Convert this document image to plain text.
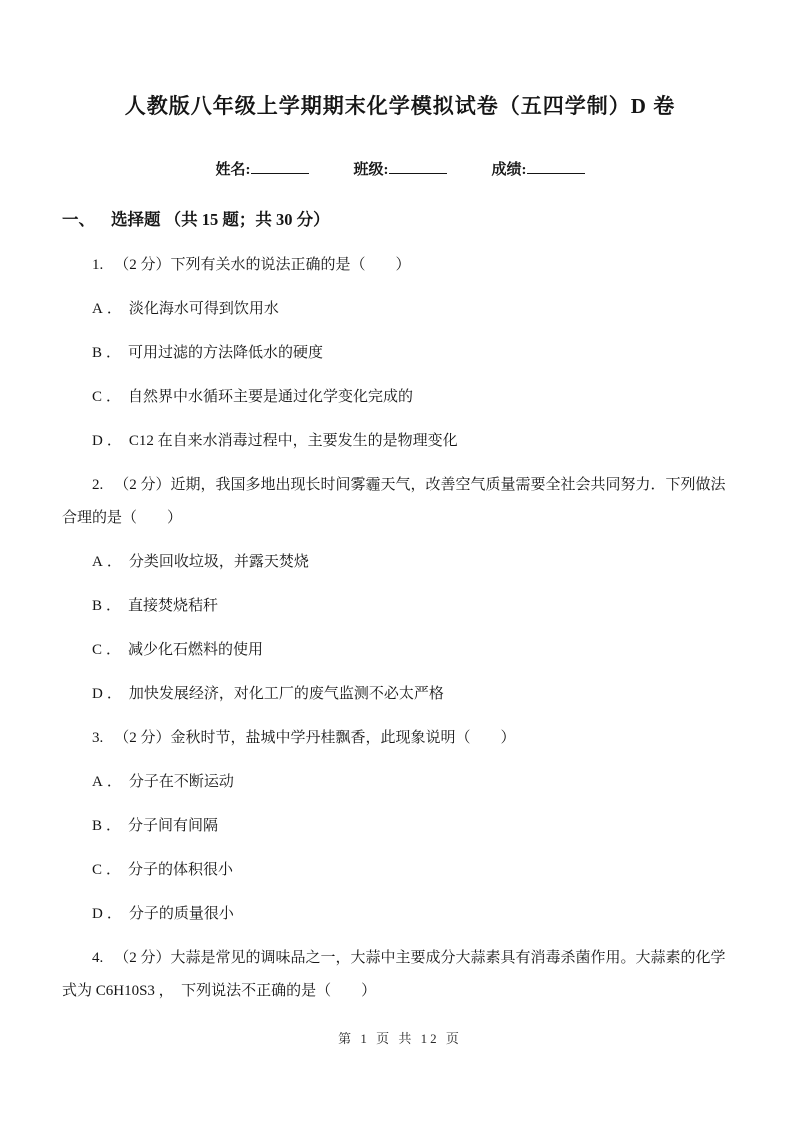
人教版八年级上学期期末化学模拟试卷（五四学制）D 卷
姓名:	班级:	成绩:
一、 选择题 （共 15 题；共 30 分）

1. （2 分）下列有关水的说法正确的是（　　）

A ． 淡化海水可得到饮用水

B ． 可用过滤的方法降低水的硬度

C ． 自然界中水循环主要是通过化学变化完成的

D ． C12 在自来水消毒过程中，主要发生的是物理变化

2. （2 分）近期，我国多地出现长时间雾霾天气，改善空气质量需要全社会共同努力．下列做法合理的是（　　）

A ． 分类回收垃圾，并露天焚烧

B ． 直接焚烧秸秆

C ． 减少化石燃料的使用

D ． 加快发展经济，对化工厂的废气监测不必太严格

3. （2 分）金秋时节，盐城中学丹桂飘香，此现象说明（　　）

A ． 分子在不断运动

B ． 分子间有间隔

C ． 分子的体积很小

D ． 分子的质量很小

4. （2 分）大蒜是常见的调味品之一，大蒜中主要成分大蒜素具有消毒杀菌作用。大蒜素的化学式为 C6H10S3 ，　下列说法不正确的是（　　）

第 1 页 共 12 页
